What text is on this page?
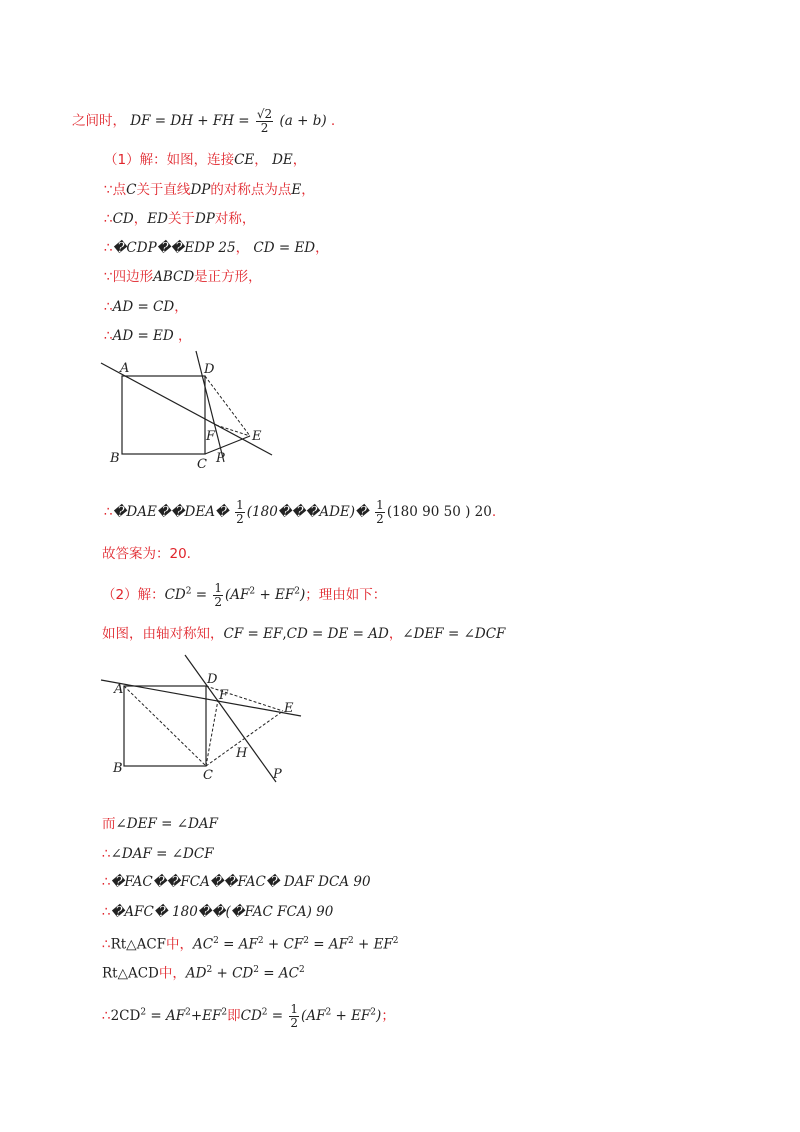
之间时， DF = DH + FH = $\frac{√2}{2} (a + b)$ .
（1）解：如图，连接CE， DE，
∵点C关于直线DP的对称点为点E，
∴CD，ED关于DP对称，
∴�CDP��EDP 25， CD = ED，
∵四边形ABCD是正方形，
∴AD = CD，
∴AD = ED ，
A
B	C
D
E
F
P
∴�DAE��DEA� $\frac{1}{2}$ (180���ADE)� $\frac{1}{2} (180$ 90 50 ) 20.
故答案为：20.
（2）解：$CD^2 = \frac{1}{2} (AF^2 + EF^2)$；理由如下：
如图，由轴对称知，CF = EF,CD = DE = AD，∠DEF = ∠DCF
A
B	C
D
E
F
H
P
而∠DEF = ∠DAF
∴∠DAF = ∠DCF
∴�FAC��FCA��FAC� DAF DCA 90
∴�AFC� 180��(�FAC FCA) 90
∴Rt△ACF中，$AC^2 = AF^2 + CF^2 = AF^2 + EF^2$
Rt△ACD中，$AD^2 + CD^2 = AC^2$
$\therefore 2CD^2 = AF^2+EF^2$即$CD^2 = \frac{1}{2} (AF^2 + EF^2)$；
